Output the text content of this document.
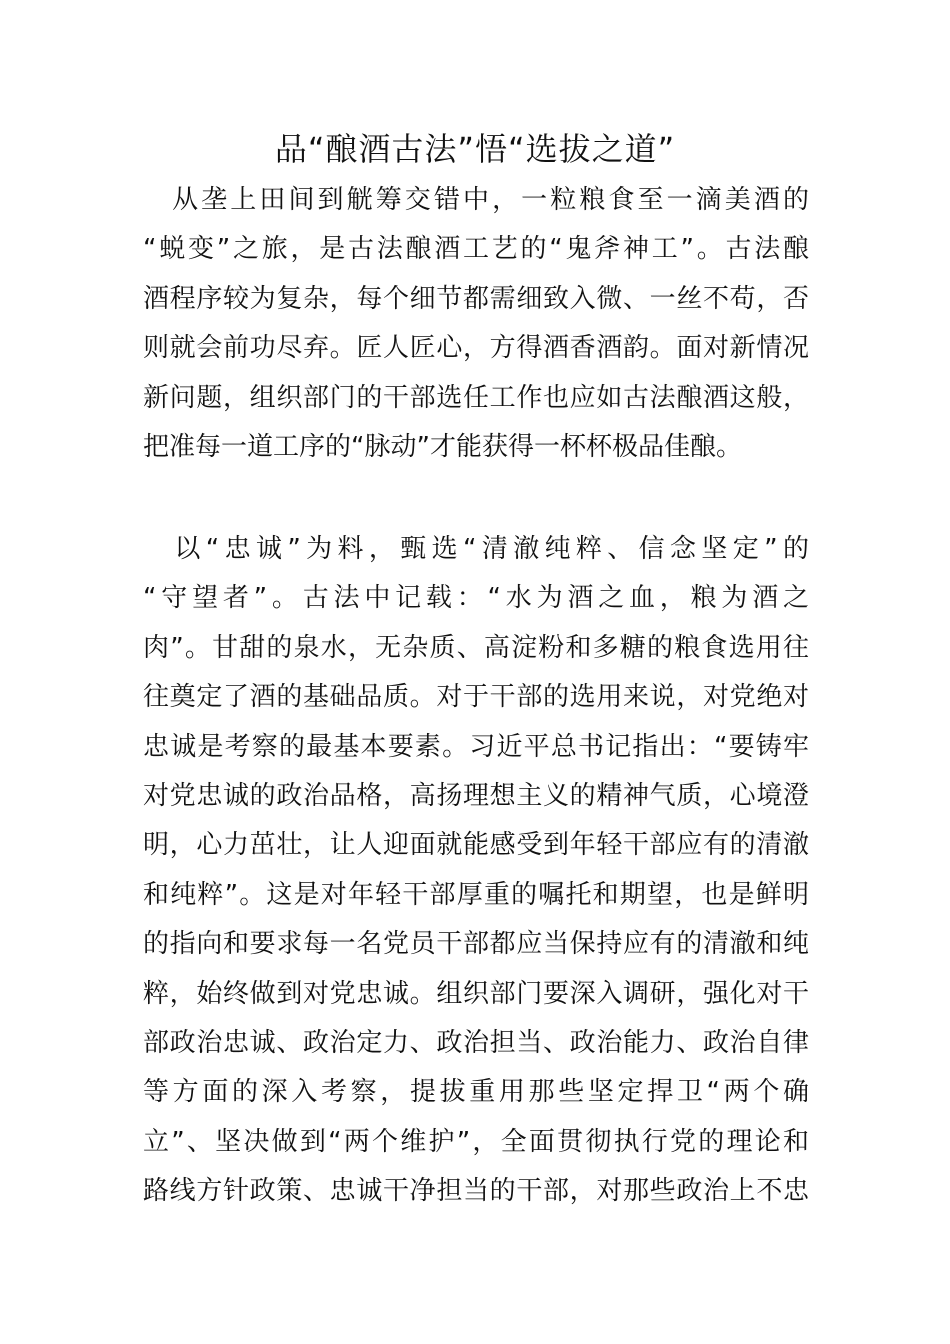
品“酿酒古法”悟“选拔之道”
　从垄上田间到觥筹交错中，一粒粮食至一滴美酒的
“蜕变”之旅，是古法酿酒工艺的“鬼斧神工”。古法酿
酒程序较为复杂，每个细节都需细致入微、一丝不苟，否
则就会前功尽弃。匠人匠心，方得酒香酒韵。面对新情况
新问题，组织部门的干部选任工作也应如古法酿酒这般，
把准每一道工序的“脉动”才能获得一杯杯极品佳酿。
　以“忠诚”为料，甄选“清澈纯粹、信念坚定”的
“守望者”。古法中记载：“水为酒之血，粮为酒之
肉”。甘甜的泉水，无杂质、高淀粉和多糖的粮食选用往
往奠定了酒的基础品质。对于干部的选用来说，对党绝对
忠诚是考察的最基本要素。习近平总书记指出：“要铸牢
对党忠诚的政治品格，高扬理想主义的精神气质，心境澄
明，心力茁壮，让人迎面就能感受到年轻干部应有的清澈
和纯粹”。这是对年轻干部厚重的嘱托和期望，也是鲜明
的指向和要求每一名党员干部都应当保持应有的清澈和纯
粹，始终做到对党忠诚。组织部门要深入调研，强化对干
部政治忠诚、政治定力、政治担当、政治能力、政治自律
等方面的深入考察，提拔重用那些坚定捍卫“两个确
立”、坚决做到“两个维护”，全面贯彻执行党的理论和
路线方针政策、忠诚干净担当的干部，对那些政治上不忠
